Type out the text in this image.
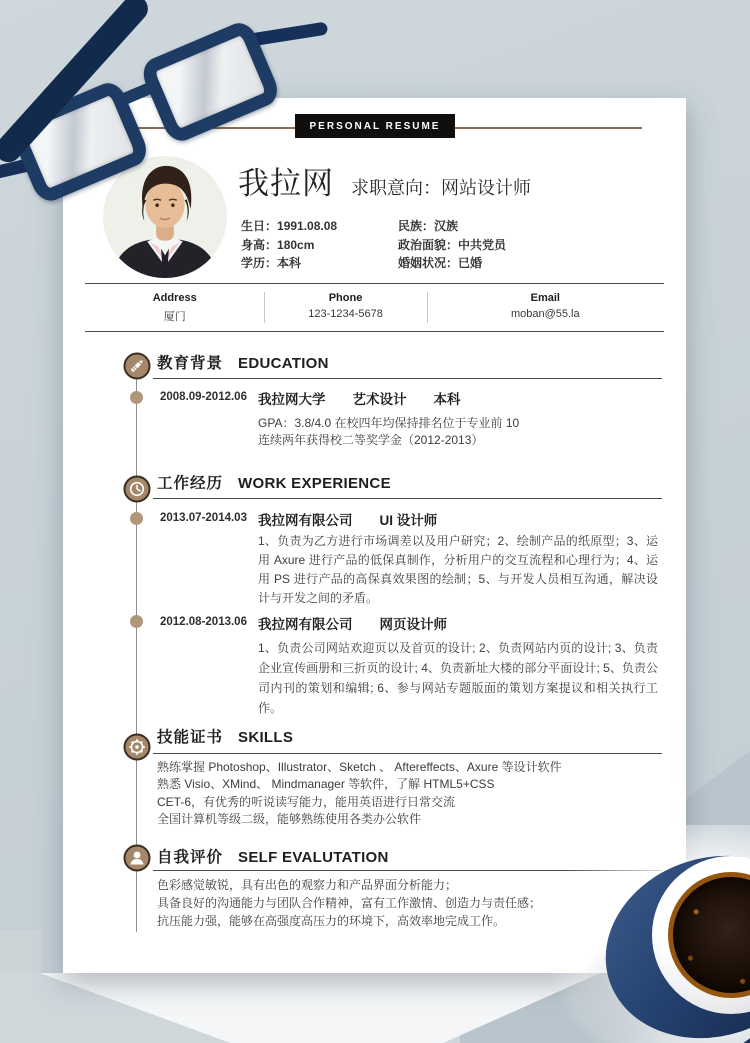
PERSONAL RESUME
我拉网 求职意向：网站设计师
生日：1991.08.08	民族：汉族
身高：180cm	政治面貌：中共党员
学历：本科	婚姻状况：已婚
Address
厦门
Phone
123-1234-5678
Email
moban@55.la
教育背景 EDUCATION
2008.09-2012.06 我拉网大学　　艺术设计　　本科
GPA：3.8/4.0 在校四年均保持排名位于专业前 10
连续两年获得校二等奖学金（2012-2013）
工作经历 WORK EXPERIENCE
2013.07-2014.03 我拉网有限公司　　UI 设计师
1、负责为乙方进行市场调差以及用户研究；2、绘制产品的纸原型；3、运用 Axure 进行产品的低保真制作，分析用户的交互流程和心理行为；4、运用 PS 进行产品的高保真效果图的绘制；5、与开发人员相互沟通，解决设计与开发之间的矛盾。
2012.08-2013.06 我拉网有限公司　　网页设计师
1、负责公司网站欢迎页以及首页的设计; 2、负责网站内页的设计; 3、负责企业宣传画册和三折页的设计; 4、负责新址大楼的部分平面设计; 5、负责公司内刊的策划和编辑; 6、参与网站专题版面的策划方案提议和相关执行工作。
技能证书 SKILLS
熟练掌握 Photoshop、Illustrator、Sketch 、 Aftereffects、Axure 等设计软件
熟悉 Visio、XMind、 Mindmanager 等软件，了解 HTML5+CSS
CET-6，有优秀的听说读写能力，能用英语进行日常交流
全国计算机等级二级，能够熟练使用各类办公软件
自我评价 SELF EVALUTATION
色彩感觉敏锐，具有出色的观察力和产品界面分析能力；
具备良好的沟通能力与团队合作精神，富有工作激情、创造力与责任感；
抗压能力强，能够在高强度高压力的环境下，高效率地完成工作。
